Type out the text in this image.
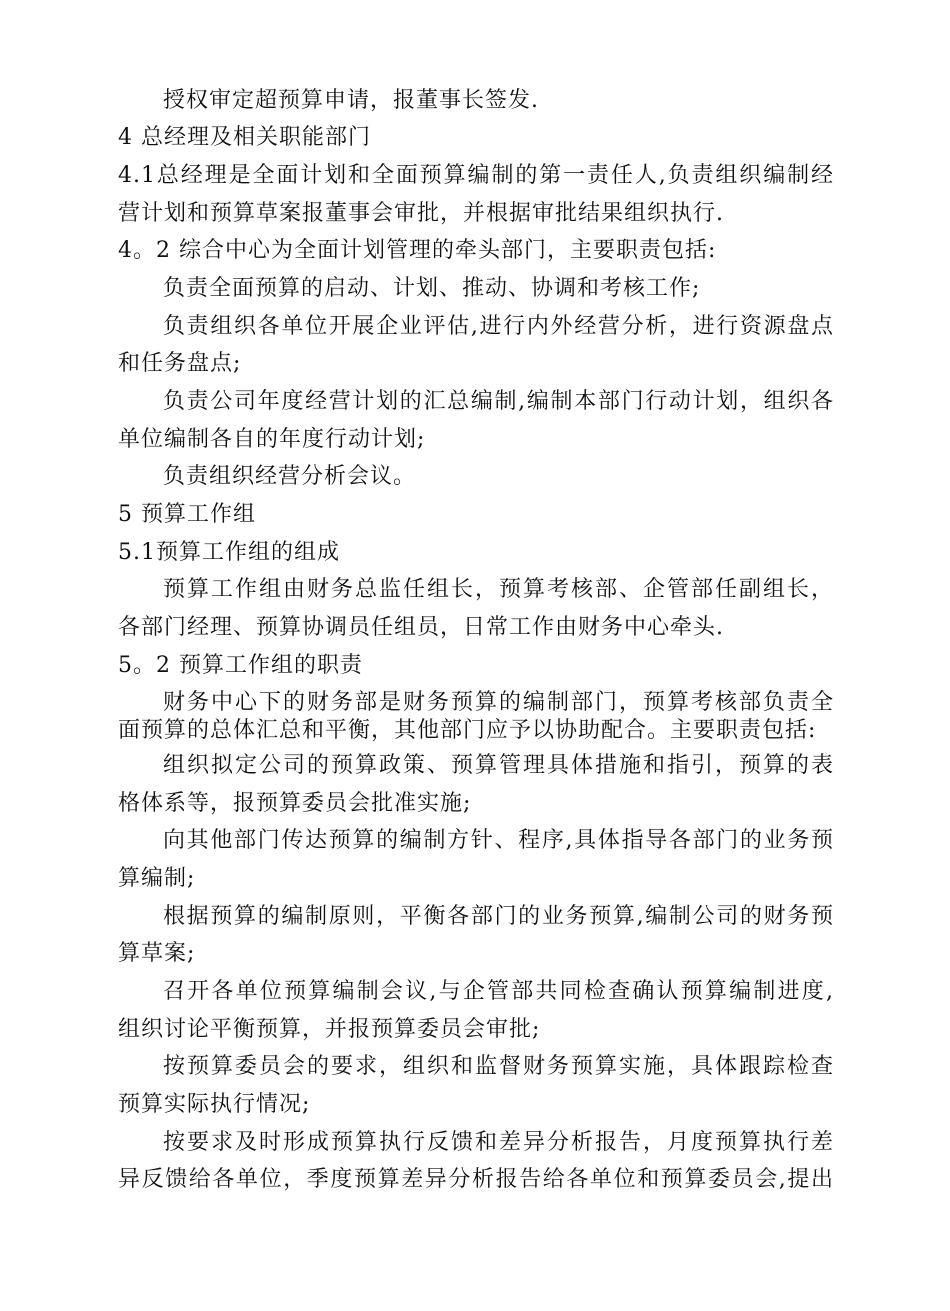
授权审定超预算申请，报董事长签发.
4 总经理及相关职能部门
4.1总经理是全面计划和全面预算编制的第一责任人,负责组织编制经
营计划和预算草案报董事会审批，并根据审批结果组织执行.
4。2 综合中心为全面计划管理的牵头部门，主要职责包括:
负责全面预算的启动、计划、推动、协调和考核工作;
负责组织各单位开展企业评估,进行内外经营分析，进行资源盘点
和任务盘点;
负责公司年度经营计划的汇总编制,编制本部门行动计划，组织各
单位编制各自的年度行动计划;
负责组织经营分析会议。
5 预算工作组
5.1预算工作组的组成
预算工作组由财务总监任组长，预算考核部、企管部任副组长，
各部门经理、预算协调员任组员，日常工作由财务中心牵头.
5。2 预算工作组的职责
财务中心下的财务部是财务预算的编制部门，预算考核部负责全
面预算的总体汇总和平衡，其他部门应予以协助配合。主要职责包括:
组织拟定公司的预算政策、预算管理具体措施和指引，预算的表
格体系等，报预算委员会批准实施;
向其他部门传达预算的编制方针、程序,具体指导各部门的业务预
算编制;
根据预算的编制原则，平衡各部门的业务预算,编制公司的财务预
算草案;
召开各单位预算编制会议,与企管部共同检查确认预算编制进度,
组织讨论平衡预算，并报预算委员会审批;
按预算委员会的要求，组织和监督财务预算实施，具体跟踪检查
预算实际执行情况;
按要求及时形成预算执行反馈和差异分析报告，月度预算执行差
异反馈给各单位，季度预算差异分析报告给各单位和预算委员会,提出
